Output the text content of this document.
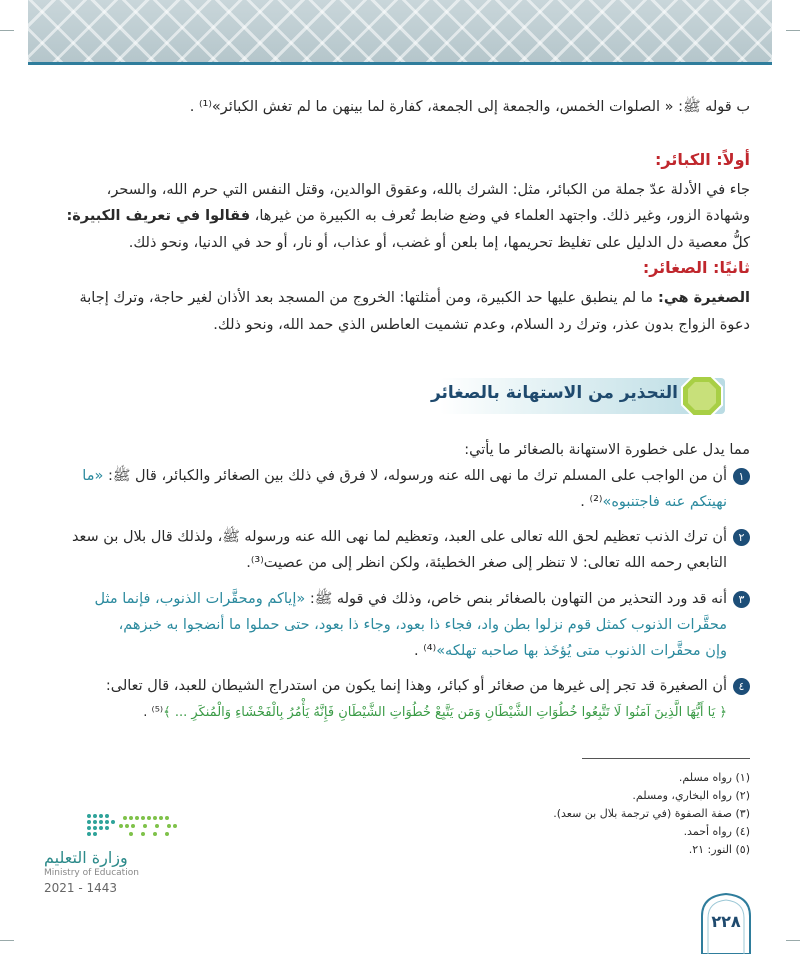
ب قوله ﷺ: « الصلوات الخمس، والجمعة إلى الجمعة، كفارة لما بينهن ما لم تغش الكبائر»⁽¹⁾ .
أولاً: الكبائر:
جاء في الأدلة عدّ جملة من الكبائر، مثل: الشرك بالله، وعقوق الوالدين، وقتل النفس التي حرم الله، والسحر،
وشهادة الزور، وغير ذلك. واجتهد العلماء في وضع ضابط تُعرف به الكبيرة من غيرها، فقالوا في تعريف الكبيرة:
كلُّ معصية دل الدليل على تغليظ تحريمها، إما بلعن أو غضب، أو عذاب، أو نار، أو حد في الدنيا، ونحو ذلك.
ثانيًا: الصغائر:
الصغيرة هي: ما لم ينطبق عليها حد الكبيرة، ومن أمثلتها: الخروج من المسجد بعد الأذان لغير حاجة، وترك إجابة
دعوة الزواج بدون عذر، وترك رد السلام، وعدم تشميت العاطس الذي حمد الله، ونحو ذلك.
التحذير من الاستهانة بالصغائر
مما يدل على خطورة الاستهانة بالصغائر ما يأتي:
١أن من الواجب على المسلم ترك ما نهى الله عنه ورسوله، لا فرق في ذلك بين الصغائر والكبائر، قال ﷺ: «ما
نهيتكم عنه فاجتنبوه»⁽²⁾ .
٢أن ترك الذنب تعظيم لحق الله تعالى على العبد، وتعظيم لما نهى الله عنه ورسوله ﷺ، ولذلك قال بلال بن سعد
التابعي رحمه الله تعالى: لا تنظر إلى صغر الخطيئة، ولكن انظر إلى من عصيت⁽³⁾.
٣أنه قد ورد التحذير من التهاون بالصغائر بنص خاص، وذلك في قوله ﷺ: «إياكم ومحقَّرات الذنوب، فإنما مثل
محقَّرات الذنوب كمثل قوم نزلوا بطن واد، فجاء ذا بعود، وجاء ذا بعود، حتى حملوا ما أنضجوا به خبزهم،
وإن محقَّرات الذنوب متى يُؤخَذ بها صاحبه تهلكه»⁽⁴⁾ .
٤أن الصغيرة قد تجر إلى غيرها من صغائر أو كبائر، وهذا إنما يكون من استدراج الشيطان للعبد، قال تعالى:
﴿ يَا أَيُّهَا الَّذِينَ آمَنُوا لَا تَتَّبِعُوا خُطُوَاتِ الشَّيْطَانِ وَمَن يَتَّبِعْ خُطُوَاتِ الشَّيْطَانِ فَإِنَّهُ يَأْمُرُ بِالْفَحْشَاءِ وَالْمُنكَرِ ... ﴾⁽⁵⁾ .
(١) رواه مسلم.
(٢) رواه البخاري، ومسلم.
(٣) صفة الصفوة (في ترجمة بلال بن سعد).
(٤) رواه أحمد.
(٥) النور: ٢١.
وزارة التعليم
Ministry of Education
2021 - 1443
٢٢٨
